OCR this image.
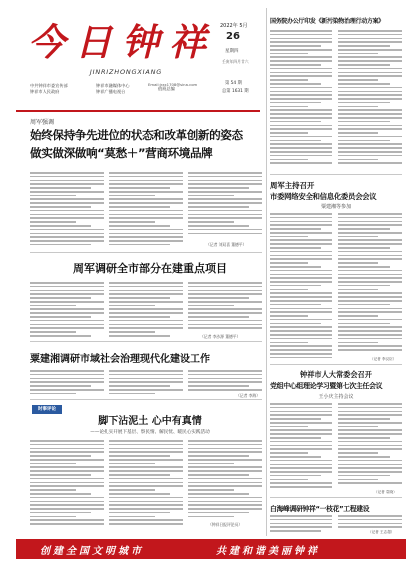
今日钟祥
JINRIZHONGXIANG
中共钟祥市委宣传部
钟祥市人民政府
钟祥市融媒体中心
钟祥广播电视台
值班总编
Email:jrzx1708@sina.com
2022年 5月
26
星期四
壬寅年四月廿六
第 54 期
总第 1631 期
周军强调
始终保持争先进位的状态和改革创新的姿态
做实做深做响“莫愁＋”营商环境品牌
（记者 刘双喜 董德平）
周军调研全市部分在建重点项目
（记者 李沙源 董德平）
粟建湘调研市域社会治理现代化建设工作
（记者 李海）
时事评论
脚下沾泥土 心中有真情
——论扎实开展下基层、察民情、解民忧、暖民心实践活动
（钟祥日报评论员）
国务院办公厅印发《新污染物治理行动方案》
周军主持召开
市委网络安全和信息化委员会会议
粟建湘等参加
（记者 李汉臣）
钟祥市人大常委会召开
党组中心组理论学习暨第七次主任会议
王小庆主持会议
（记者 袁晓）
白海峰调研钟祥“一枝花”工程建设
（记者 王志超）
创建全国文明城市	共建和谐美丽钟祥
